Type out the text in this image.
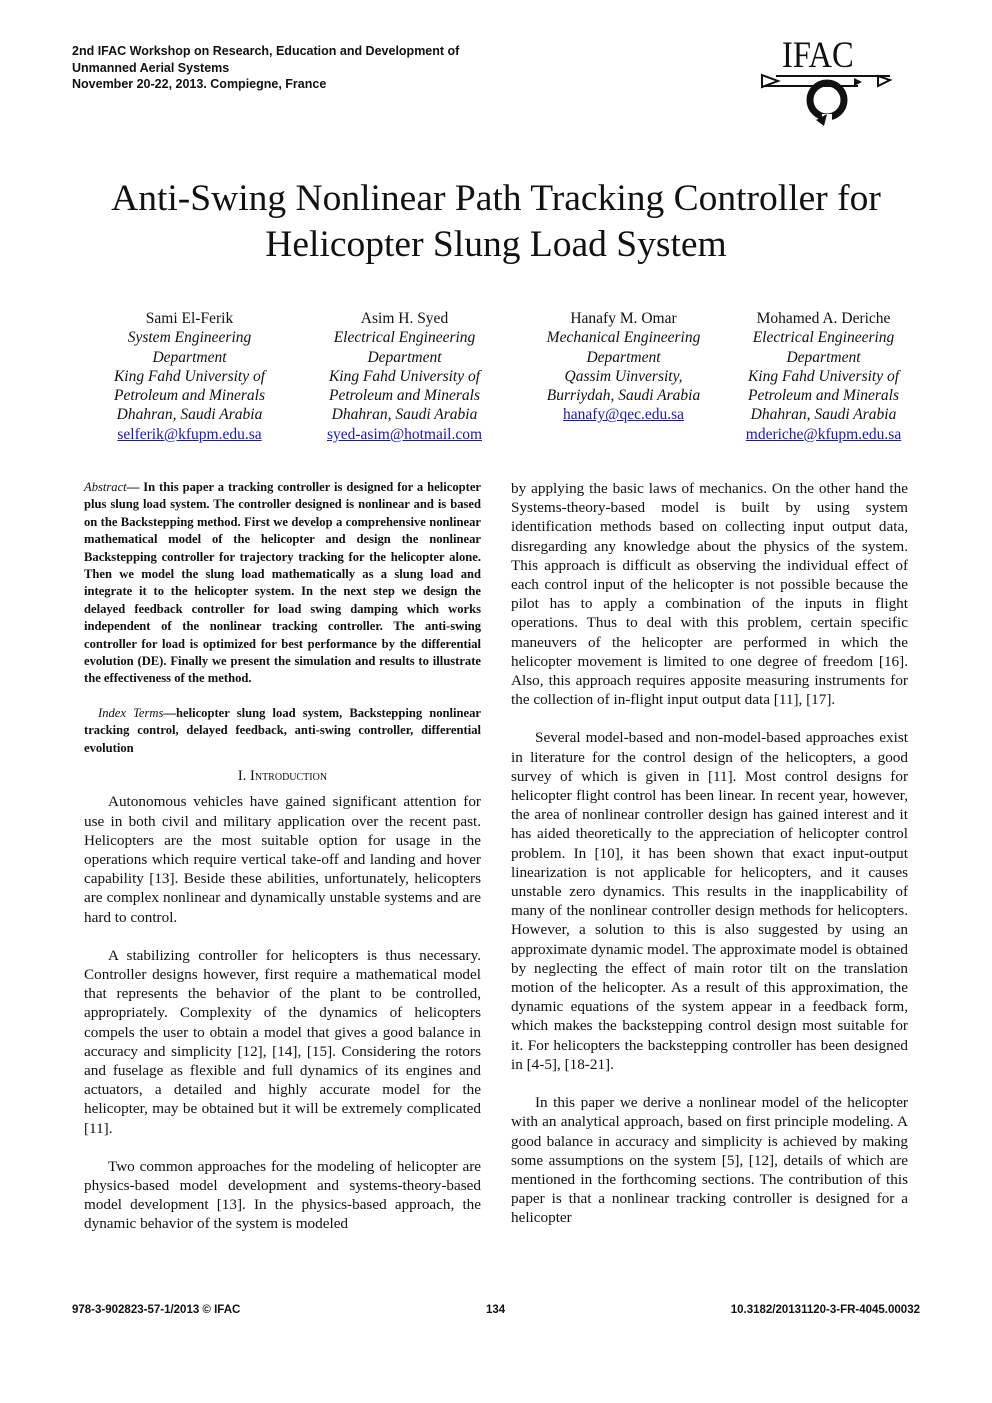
2nd IFAC Workshop on Research, Education and Development of
Unmanned Aerial Systems
November 20-22, 2013. Compiegne, France
IFAC
Anti-Swing Nonlinear Path Tracking Controller for
Helicopter Slung Load System
Sami El-Ferik
System Engineering
Department
King Fahd University of
Petroleum and Minerals
Dhahran, Saudi Arabia
selferik@kfupm.edu.sa
Asim H. Syed
Electrical Engineering
Department
King Fahd University of
Petroleum and Minerals
Dhahran, Saudi Arabia
syed-asim@hotmail.com
Hanafy M. Omar
Mechanical Engineering
Department
Qassim Uinversity,
Burriydah, Saudi Arabia
hanafy@qec.edu.sa
Mohamed A. Deriche
Electrical Engineering
Department
King Fahd University of
Petroleum and Minerals
Dhahran, Saudi Arabia
mderiche@kfupm.edu.sa

Abstract— In this paper a tracking controller is designed for a helicopter plus slung load system. The controller designed is nonlinear and is based on the Backstepping method. First we develop a comprehensive nonlinear mathematical model of the helicopter and design the nonlinear Backstepping controller for trajectory tracking for the helicopter alone. Then we model the slung load mathematically as a slung load and integrate it to the helicopter system. In the next step we design the delayed feedback controller for load swing damping which works independent of the nonlinear tracking controller. The anti-swing controller for load is optimized for best performance by the differential evolution (DE). Finally we present the simulation and results to illustrate the effectiveness of the method.

Index Terms—helicopter slung load system, Backstepping nonlinear tracking control, delayed feedback, anti-swing controller, differential evolution

I. Introduction

Autonomous vehicles have gained significant attention for use in both civil and military application over the recent past. Helicopters are the most suitable option for usage in the operations which require vertical take-off and landing and hover capability [13]. Beside these abilities, unfortunately, helicopters are complex nonlinear and dynamically unstable systems and are hard to control.

A stabilizing controller for helicopters is thus necessary. Controller designs however, first require a mathematical model that represents the behavior of the plant to be controlled, appropriately. Complexity of the dynamics of helicopters compels the user to obtain a model that gives a good balance in accuracy and simplicity [12], [14], [15]. Considering the rotors and fuselage as flexible and full dynamics of its engines and actuators, a detailed and highly accurate model for the helicopter, may be obtained but it will be extremely complicated [11].

Two common approaches for the modeling of helicopter are physics-based model development and systems-theory-based model development [13]. In the physics-based approach, the dynamic behavior of the system is modeled

by applying the basic laws of mechanics. On the other hand the Systems-theory-based model is built by using system identification methods based on collecting input output data, disregarding any knowledge about the physics of the system. This approach is difficult as observing the individual effect of each control input of the helicopter is not possible because the pilot has to apply a combination of the inputs in flight operations. Thus to deal with this problem, certain specific maneuvers of the helicopter are performed in which the helicopter movement is limited to one degree of freedom [16]. Also, this approach requires apposite measuring instruments for the collection of in-flight input output data [11], [17].

Several model-based and non-model-based approaches exist in literature for the control design of the helicopters, a good survey of which is given in [11]. Most control designs for helicopter flight control has been linear. In recent year, however, the area of nonlinear controller design has gained interest and it has aided theoretically to the appreciation of helicopter control problem. In [10], it has been shown that exact input-output linearization is not applicable for helicopters, and it causes unstable zero dynamics. This results in the inapplicability of many of the nonlinear controller design methods for helicopters. However, a solution to this is also suggested by using an approximate dynamic model. The approximate model is obtained by neglecting the effect of main rotor tilt on the translation motion of the helicopter. As a result of this approximation, the dynamic equations of the system appear in a feedback form, which makes the backstepping control design most suitable for it. For helicopters the backstepping controller has been designed in [4-5], [18-21].

In this paper we derive a nonlinear model of the helicopter with an analytical approach, based on first principle modeling. A good balance in accuracy and simplicity is achieved by making some assumptions on the system [5], [12], details of which are mentioned in the forthcoming sections. The contribution of this paper is that a nonlinear tracking controller is designed for a helicopter

978-3-902823-57-1/2013 © IFAC	134	10.3182/20131120-3-FR-4045.00032
